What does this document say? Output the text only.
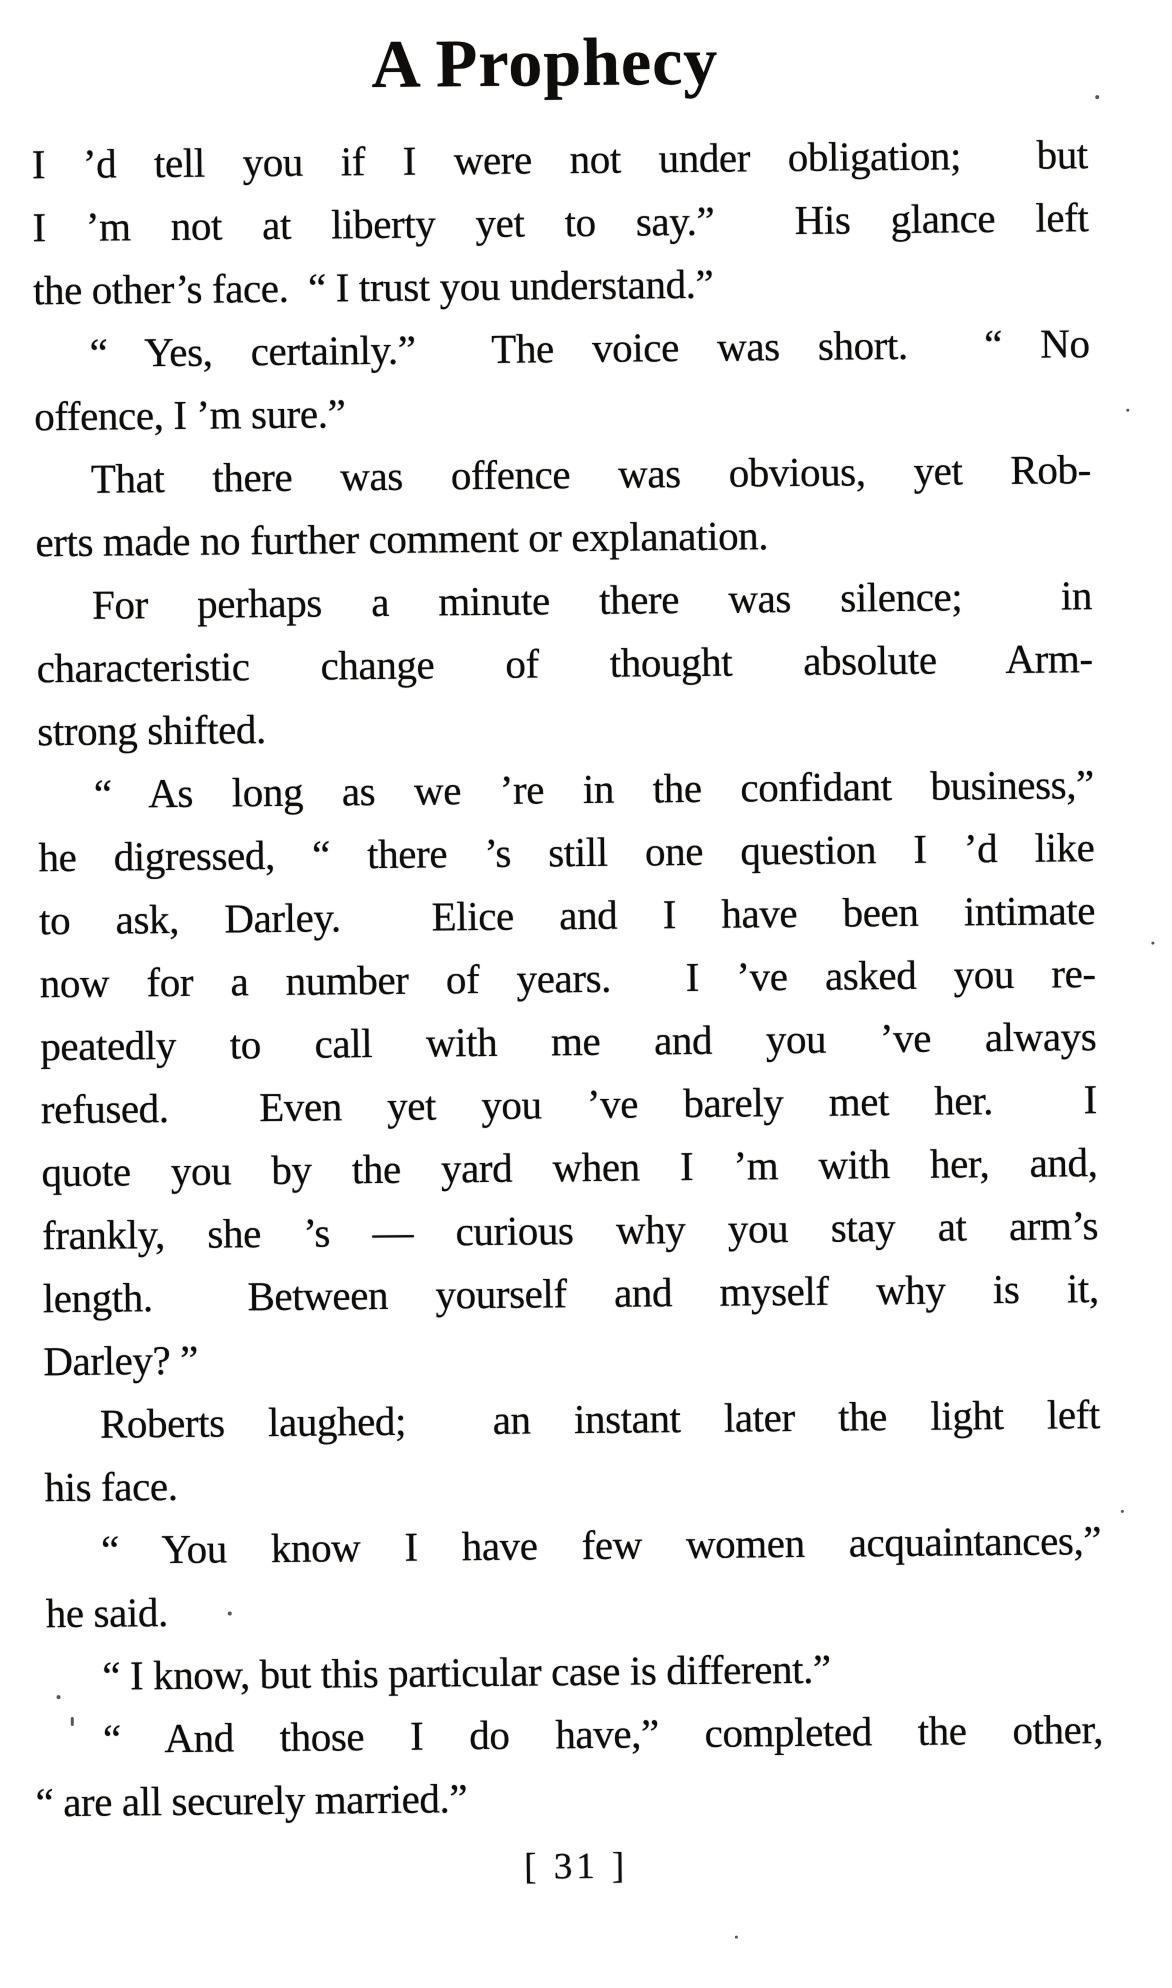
A Prophecy
I ’d tell you if I were not under obligation;  but
I ’m not at liberty yet to say.”  His glance left
the other’s face.  “ I trust you understand.”
“ Yes, certainly.”  The voice was short.  “ No
offence, I ’m sure.”
That there was offence was obvious, yet Rob-
erts made no further comment or explanation.
For perhaps a minute there was silence;  in
characteristic change of thought absolute Arm-
strong shifted.
“ As long as we ’re in the confidant business,”
he digressed, “ there ’s still one question I ’d like
to ask, Darley.  Elice and I have been intimate
now for a number of years.  I ’ve asked you re-
peatedly to call with me and you ’ve always
refused.  Even yet you ’ve barely met her.  I
quote you by the yard when I ’m with her, and,
frankly, she ’s — curious why you stay at arm’s
length.  Between yourself and myself why is it,
Darley? ”
Roberts laughed;  an instant later the light left
his face.
“ You know I have few women acquaintances,”
he said.
“ I know, but this particular case is different.”
“ And those I do have,” completed the other,
“ are all securely married.”
[ 31 ]
